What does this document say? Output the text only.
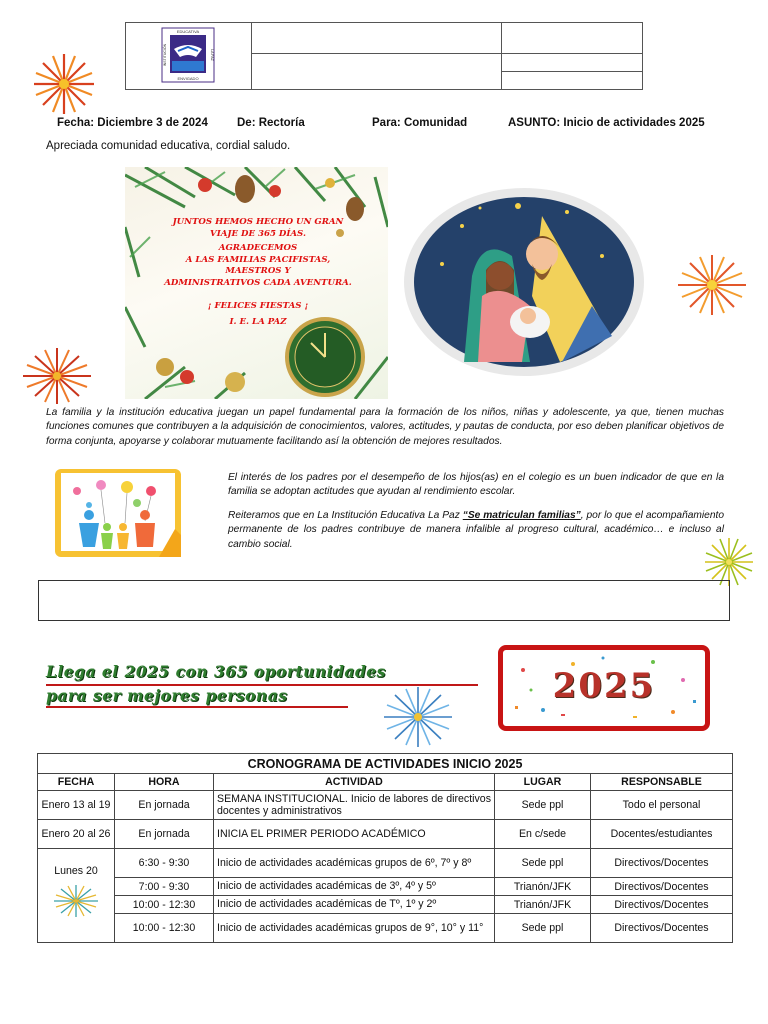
EDUCATIVA
ENVIGADO
INSTITUCIÓN	LA PAZ
Fecha: Diciembre 3 de 2024	De: Rectoría	Para: Comunidad	ASUNTO: Inicio de actividades 2025
Apreciada comunidad educativa, cordial saludo.
JUNTOS HEMOS HECHO UN GRAN
VIAJE DE 365 DÍAS.
AGRADECEMOS
A LAS FAMILIAS PACIFISTAS,
MAESTROS Y
ADMINISTRATIVOS CADA AVENTURA.
¡ FELICES FIESTAS ¡
I. E. LA PAZ
La familia y la institución educativa juegan un papel fundamental para la formación de los niños, niñas y adolescente, ya que, tienen muchas funciones comunes que contribuyen a la adquisición de conocimientos, valores, actitudes, y pautas de conducta, por eso deben planificar objetivos de forma conjunta, apoyarse y colaborar mutuamente facilitando así la obtención de mejores resultados.
El interés de los padres por el desempeño de los hijos(as) en el colegio es un buen indicador de que en la familia se adoptan actitudes que ayudan al rendimiento escolar.
Reiteramos que en La Institución Educativa La Paz “Se matriculan familias”, por lo que el acompañamiento permanente de los padres contribuye de manera infalible al progreso cultural, académico… e incluso al cambio social.
Llega el 2025 con 365 oportunidades
para ser mejores personas	2025
CRONOGRAMA DE ACTIVIDADES INICIO 2025				
FECHA	HORA	ACTIVIDAD	LUGAR	RESPONSABLE
Enero 13 al 19	En jornada	SEMANA INSTITUCIONAL. Inicio de labores de directivos docentes y administrativos	Sede ppl	Todo el personal
Enero 20 al 26	En jornada	INICIA EL PRIMER PERIODO ACADÉMICO	En c/sede	Docentes/estudiantes

Lunes 20	6:30 - 9:30	Inicio de actividades académicas grupos de 6º, 7º y 8º	Sede ppl	Directivos/Docentes
	7:00 - 9:30	Inicio de actividades académicas de 3º, 4º y 5º	Trianón/JFK	Directivos/Docentes
	10:00 - 12:30	Inicio de actividades académicas de Tº, 1º y 2º	Trianón/JFK	Directivos/Docentes
	10:00 - 12:30	Inicio de actividades académicas grupos de 9°, 10° y 11°	Sede ppl	Directivos/Docentes
